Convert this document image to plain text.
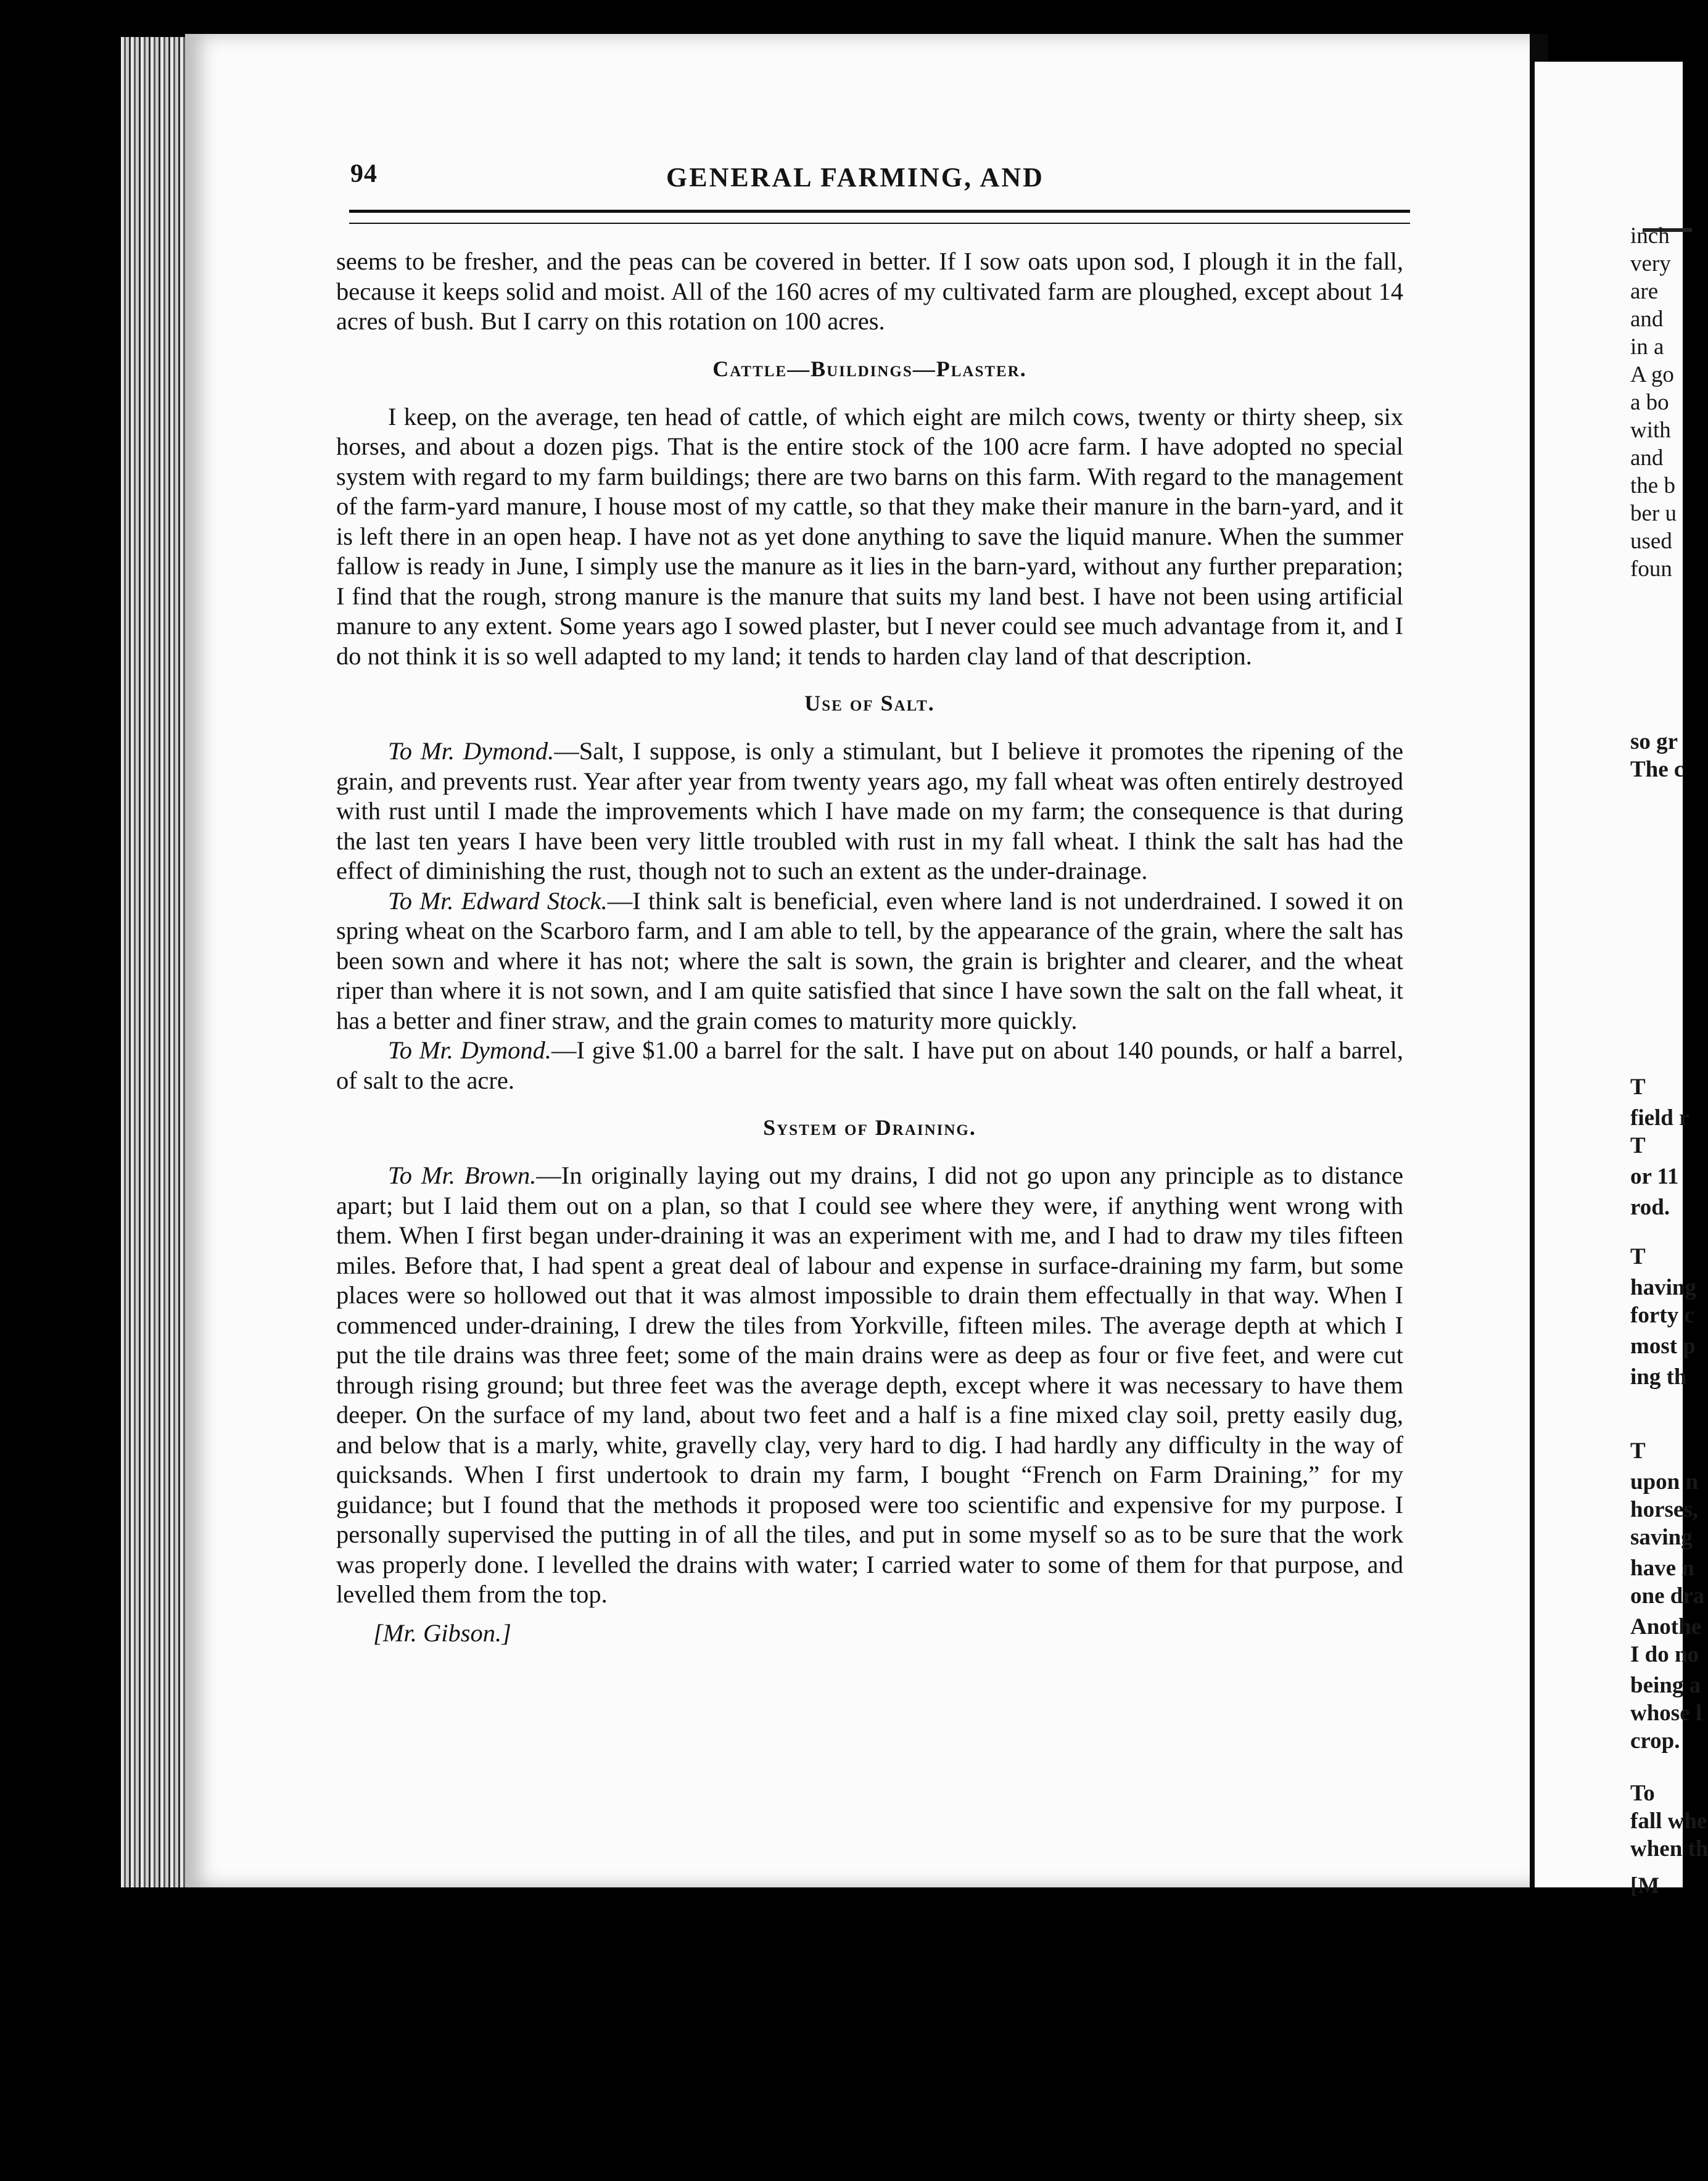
94	GENERAL FARMING, AND

seems to be fresher, and the peas can be covered in better. If I sow oats upon sod, I plough it in the fall, because it keeps solid and moist. All of the 160 acres of my cultivated farm are ploughed, except about 14 acres of bush. But I carry on this rotation on 100 acres.

Cattle—Buildings—Plaster.

I keep, on the average, ten head of cattle, of which eight are milch cows, twenty or thirty sheep, six horses, and about a dozen pigs. That is the entire stock of the 100 acre farm. I have adopted no special system with regard to my farm buildings; there are two barns on this farm. With regard to the management of the farm-yard manure, I house most of my cattle, so that they make their manure in the barn-yard, and it is left there in an open heap. I have not as yet done anything to save the liquid manure. When the summer fallow is ready in June, I simply use the manure as it lies in the barn-yard, without any further preparation; I find that the rough, strong manure is the manure that suits my land best. I have not been using artificial manure to any extent. Some years ago I sowed plaster, but I never could see much advantage from it, and I do not think it is so well adapted to my land; it tends to harden clay land of that description.

Use of Salt.

To Mr. Dymond.—Salt, I suppose, is only a stimulant, but I believe it promotes the ripening of the grain, and prevents rust. Year after year from twenty years ago, my fall wheat was often entirely destroyed with rust until I made the improvements which I have made on my farm; the consequence is that during the last ten years I have been very little troubled with rust in my fall wheat. I think the salt has had the effect of diminishing the rust, though not to such an extent as the under-drainage.

To Mr. Edward Stock.—I think salt is beneficial, even where land is not underdrained. I sowed it on spring wheat on the Scarboro farm, and I am able to tell, by the appearance of the grain, where the salt has been sown and where it has not; where the salt is sown, the grain is brighter and clearer, and the wheat riper than where it is not sown, and I am quite satisfied that since I have sown the salt on the fall wheat, it has a better and finer straw, and the grain comes to maturity more quickly.

To Mr. Dymond.—I give $1.00 a barrel for the salt. I have put on about 140 pounds, or half a barrel, of salt to the acre.

System of Draining.

To Mr. Brown.—In originally laying out my drains, I did not go upon any principle as to distance apart; but I laid them out on a plan, so that I could see where they were, if anything went wrong with them. When I first began under-draining it was an experiment with me, and I had to draw my tiles fifteen miles. Before that, I had spent a great deal of labour and expense in surface-draining my farm, but some places were so hollowed out that it was almost impossible to drain them effectually in that way. When I commenced under-draining, I drew the tiles from Yorkville, fifteen miles. The average depth at which I put the tile drains was three feet; some of the main drains were as deep as four or five feet, and were cut through rising ground; but three feet was the average depth, except where it was necessary to have them deeper. On the surface of my land, about two feet and a half is a fine mixed clay soil, pretty easily dug, and below that is a marly, white, gravelly clay, very hard to dig. I had hardly any difficulty in the way of quicksands. When I first undertook to drain my farm, I bought “French on Farm Draining,” for my guidance; but I found that the methods it proposed were too scientific and expensive for my purpose. I personally supervised the putting in of all the tiles, and put in some myself so as to be sure that the work was properly done. I levelled the drains with water; I carried water to some of them for that purpose, and levelled them from the top.

[Mr. Gibson.]
inch
very
are
and
in a
A go
a bo
with
and
the b
ber u
used
foun
so gr
The c
T
field r
T
or 11
rod.
T
having
forty c
most p
ing th
T
upon n
horses,
saving
have n
one dra
Anothe
I do no
being a
whose l
crop.
To
fall whe
when th
[M
